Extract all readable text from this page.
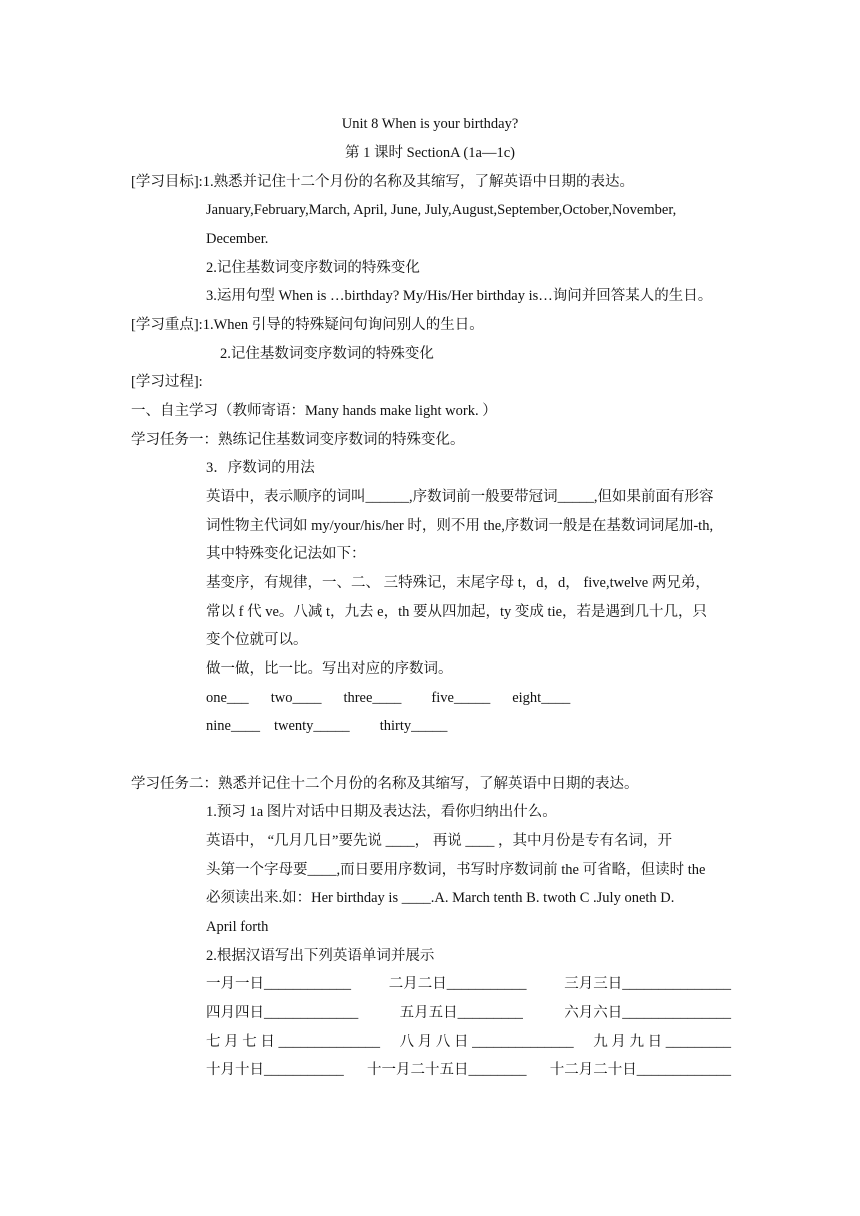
Unit 8 When is your birthday?
第 1 课时 SectionA (1a—1c)
[学习目标]:1.熟悉并记住十二个月份的名称及其缩写，了解英语中日期的表达。
January,February,March, April, June, July,August,September,October,November,
December.
2.记住基数词变序数词的特殊变化
3.运用句型 When is …birthday? My/His/Her birthday is…询问并回答某人的生日。
[学习重点]:1.When 引导的特殊疑问句询问别人的生日。
2.记住基数词变序数词的特殊变化
[学习过程]:
一、自主学习（教师寄语：Many hands make light work. ）
学习任务一：熟练记住基数词变序数词的特殊变化。
3．序数词的用法
英语中，表示顺序的词叫______,序数词前一般要带冠词_____,但如果前面有形容
词性物主代词如 my/your/his/her 时，则不用 the,序数词一般是在基数词词尾加-th,
其中特殊变化记法如下：
基变序，有规律，一、二、 三特殊记，末尾字母 t，d，d， five,twelve 两兄弟，
常以 f 代 ve。八减 t，九去 e，th 要从四加起，ty 变成 tie，若是遇到几十几，只
变个位就可以。
做一做，比一比。写出对应的序数词。
one___ two____ three____ five_____ eight____
nine____ twenty_____ thirty_____
学习任务二：熟悉并记住十二个月份的名称及其缩写，了解英语中日期的表达。
1.预习 1a 图片对话中日期及表达法，看你归纳出什么。
英语中， “几月几日”要先说 ____， 再说 ____ ，其中月份是专有名词，开
头第一个字母要____,而日要用序数词，书写时序数词前 the 可省略，但读时 the
必须读出来.如：Her birthday is ____.A. March tenth B. twoth C .July oneth D.
April forth
2.根据汉语写出下列英语单词并展示
一月一日____________	二月二日___________	三月三日_______________
四月四日_____________	五月五日_________	六月六日_______________
七 月 七 日 ______________ 八 月 八 日 ______________ 九 月 九 日 _________
十月十日___________ 十一月二十五日________ 十二月二十日_____________
